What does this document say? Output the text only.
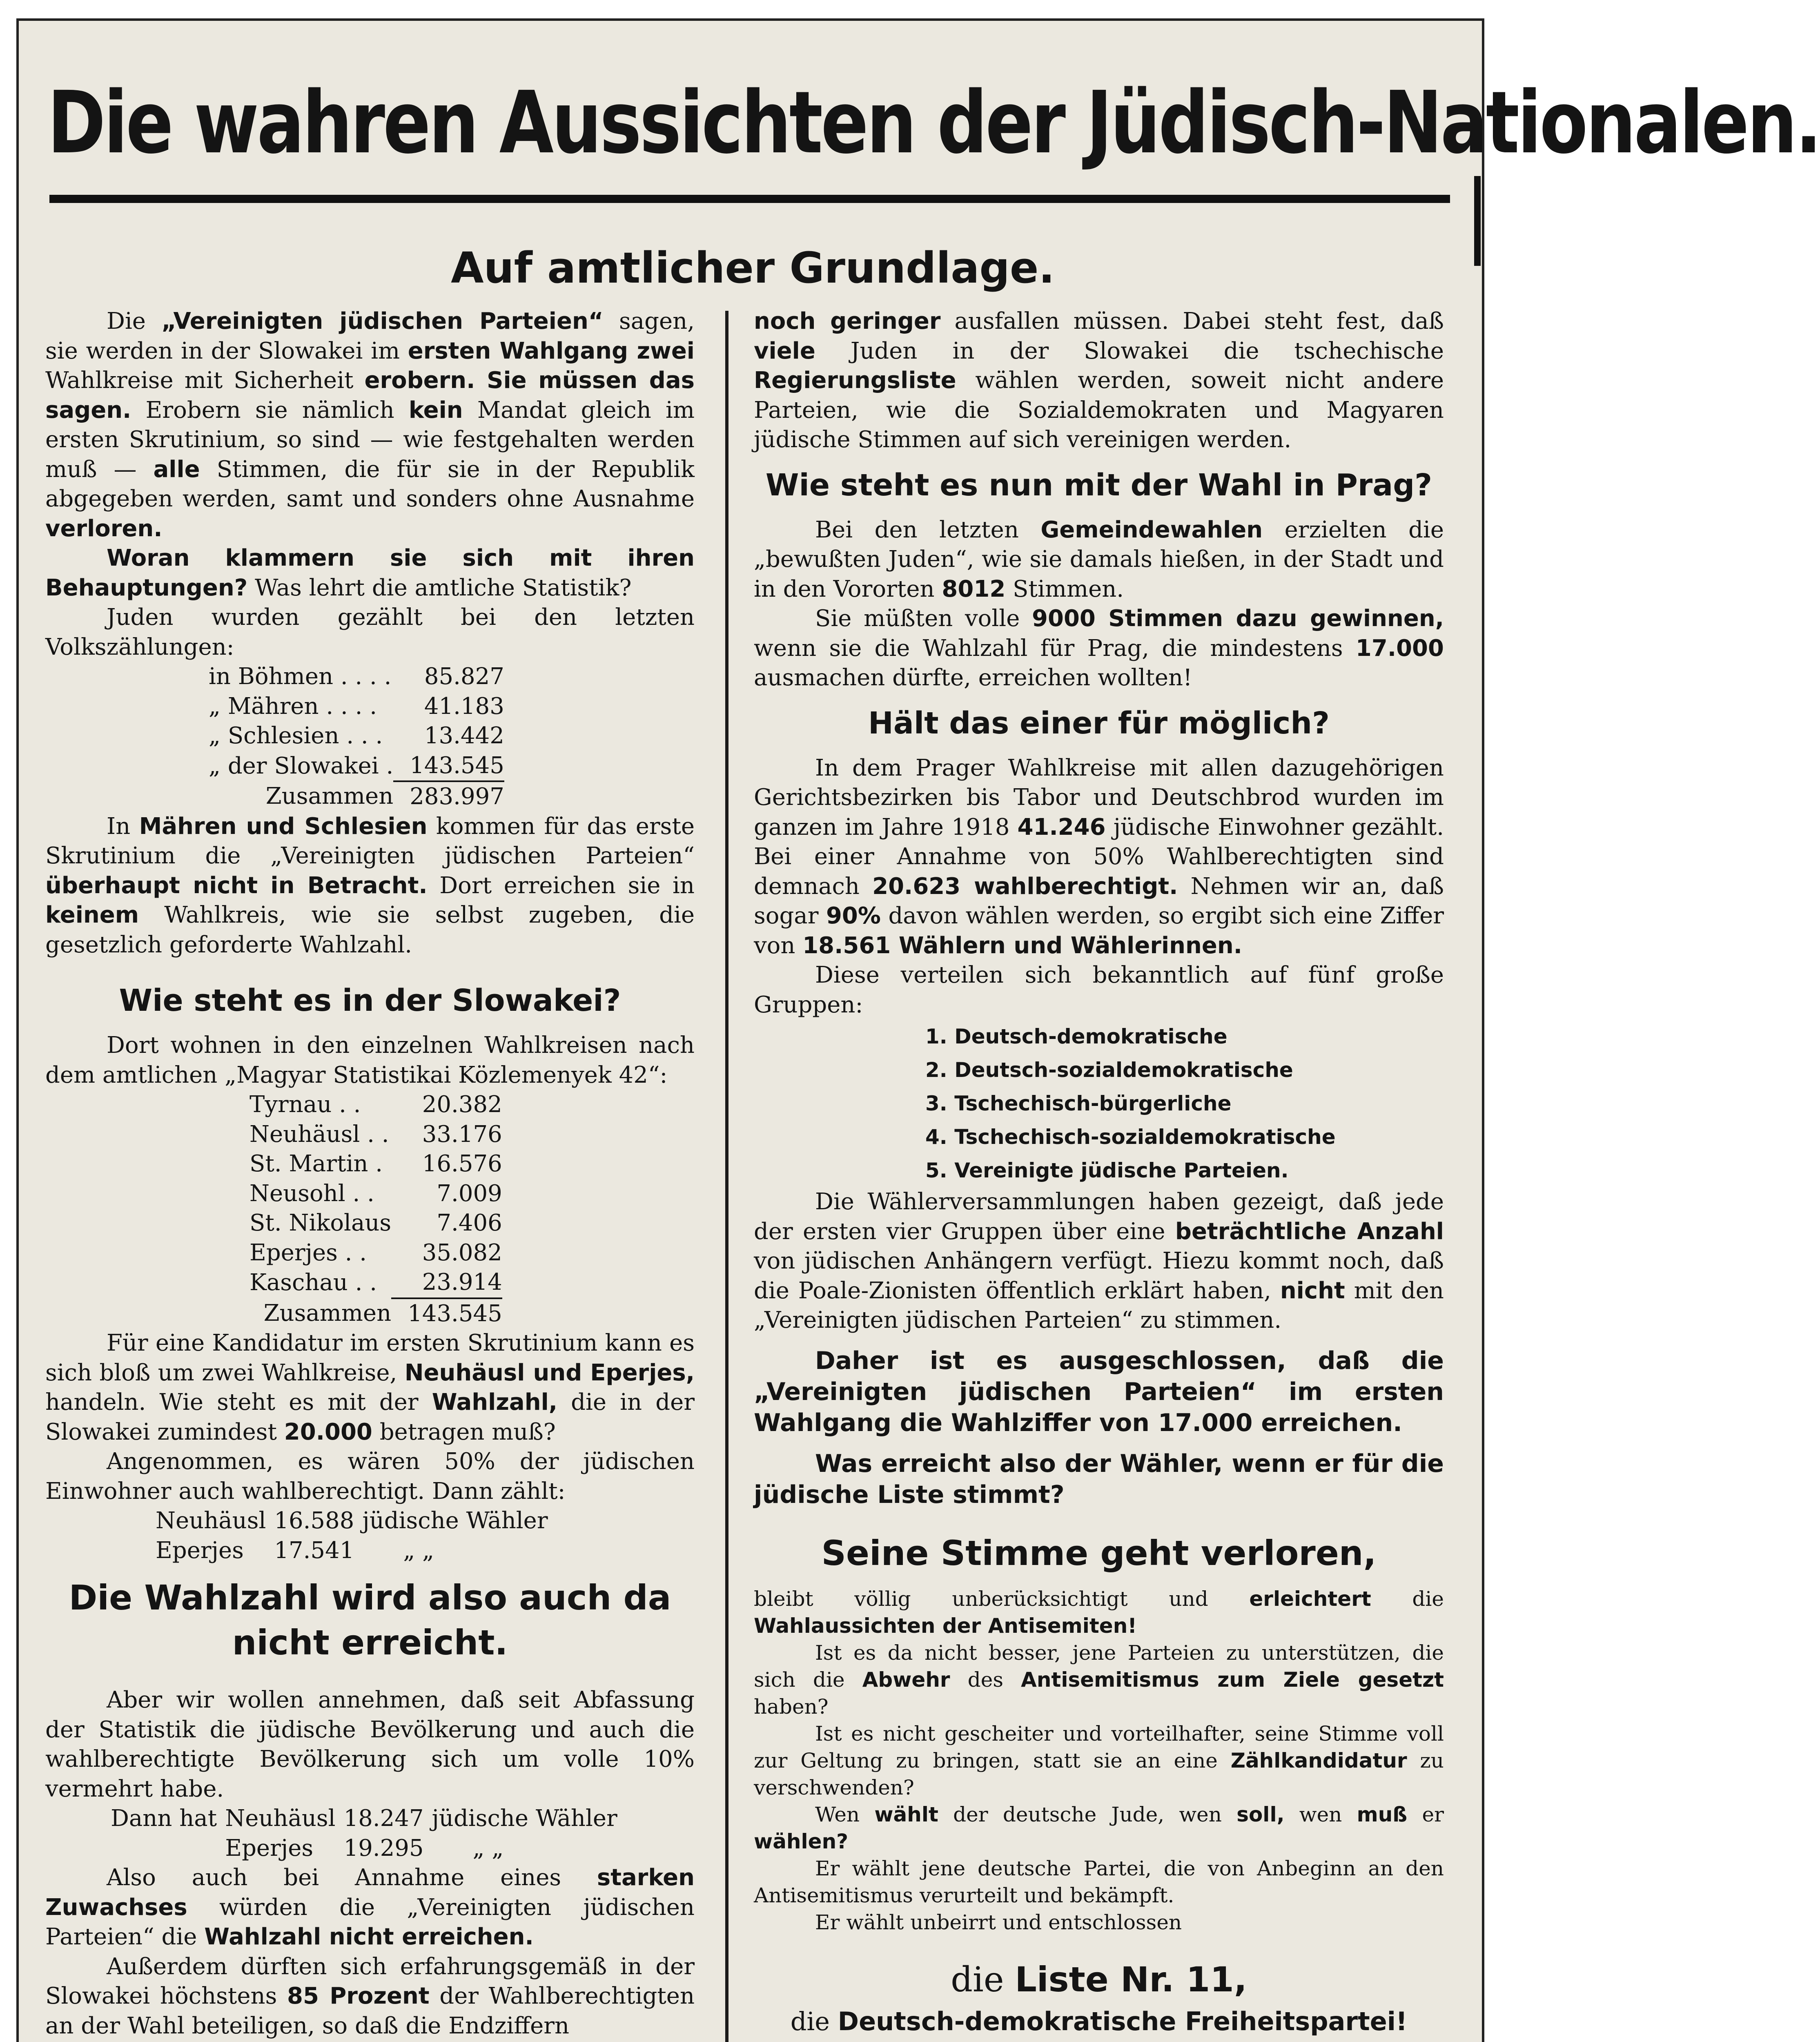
Die wahren Aussichten der Jüdisch-Nationalen.
Auf amtlicher Grundlage.

Die „Vereinigten jüdischen Parteien“ sagen, sie werden in der Slowakei im ersten Wahlgang zwei Wahlkreise mit Sicherheit erobern. Sie müssen das sagen. Erobern sie nämlich kein Mandat gleich im ersten Skrutinium, so sind — wie festgehalten werden muß — alle Stimmen, die für sie in der Republik abgegeben werden, samt und sonders ohne Ausnahme verloren.

Woran klammern sie sich mit ihren Behauptungen? Was lehrt die amtliche Statistik?

Juden wurden gezählt bei den letzten Volkszählungen:

in Böhmen . . . .	85.827
„ Mähren . . . .	41.183
„ Schlesien . . .	13.442
„ der Slowakei .	143.545
Zusammen	283.997

In Mähren und Schlesien kommen für das erste Skrutinium die „Vereinigten jüdischen Parteien“ überhaupt nicht in Betracht. Dort erreichen sie in keinem Wahlkreis, wie sie selbst zugeben, die gesetzlich geforderte Wahlzahl.

Wie steht es in der Slowakei?

Dort wohnen in den einzelnen Wahlkreisen nach dem amtlichen „Magyar Statistikai Közlemenyek 42“:

Tyrnau . .	20.382
Neuhäusl . .	33.176
St. Martin .	16.576
Neusohl . .	7.009
St. Nikolaus	7.406
Eperjes . .	35.082
Kaschau . .	23.914
Zusammen	143.545

Für eine Kandidatur im ersten Skrutinium kann es sich bloß um zwei Wahlkreise, Neuhäusl und Eperjes, handeln. Wie steht es mit der Wahlzahl, die in der Slowakei zumindest 20.000 betragen muß?

Angenommen, es wären 50% der jüdischen Einwohner auch wahlberechtigt. Dann zählt:

Neuhäusl	16.588	jüdische Wähler
Eperjes	17.541	„ „

Die Wahlzahl wird also auch da nicht erreicht.

Aber wir wollen annehmen, daß seit Abfassung der Statistik die jüdische Bevölkerung und auch die wahlberechtigte Bevölkerung sich um volle 10% vermehrt habe.

Dann hat	Neuhäusl	18.247	jüdische Wähler
	Eperjes	19.295	„ „

Also auch bei Annahme eines starken Zuwachses würden die „Vereinigten jüdischen Parteien“ die Wahlzahl nicht erreichen.

Außerdem dürften sich erfahrungsgemäß in der Slowakei höchstens 85 Prozent der Wahlberechtigten an der Wahl beteiligen, so daß die Endziffern

noch geringer ausfallen müssen. Dabei steht fest, daß viele Juden in der Slowakei die tschechische Regierungsliste wählen werden, soweit nicht andere Parteien, wie die Sozialdemokraten und Magyaren jüdische Stimmen auf sich vereinigen werden.

Wie steht es nun mit der Wahl in Prag?

Bei den letzten Gemeindewahlen erzielten die „bewußten Juden“, wie sie damals hießen, in der Stadt und in den Vororten 8012 Stimmen.

Sie müßten volle 9000 Stimmen dazu gewinnen, wenn sie die Wahlzahl für Prag, die mindestens 17.000 ausmachen dürfte, erreichen wollten!

Hält das einer für möglich?

In dem Prager Wahlkreise mit allen dazugehörigen Gerichtsbezirken bis Tabor und Deutschbrod wurden im ganzen im Jahre 1918 41.246 jüdische Einwohner gezählt. Bei einer Annahme von 50% Wahlberechtigten sind demnach 20.623 wahlberechtigt. Nehmen wir an, daß sogar 90% davon wählen werden, so ergibt sich eine Ziffer von 18.561 Wählern und Wählerinnen.

Diese verteilen sich bekanntlich auf fünf große Gruppen:

1. Deutsch-demokratische
2. Deutsch-sozialdemokratische
3. Tschechisch-bürgerliche
4. Tschechisch-sozialdemokratische
5. Vereinigte jüdische Parteien.

Die Wählerversammlungen haben gezeigt, daß jede der ersten vier Gruppen über eine beträchtliche Anzahl von jüdischen Anhängern verfügt. Hiezu kommt noch, daß die Poale-Zionisten öffentlich erklärt haben, nicht mit den „Vereinigten jüdischen Parteien“ zu stimmen.

Daher ist es ausgeschlossen, daß die „Vereinigten jüdischen Parteien“ im ersten Wahlgang die Wahlziffer von 17.000 erreichen.

Was erreicht also der Wähler, wenn er für die jüdische Liste stimmt?

Seine Stimme geht verloren,

bleibt völlig unberücksichtigt und erleichtert die Wahlaussichten der Antisemiten!

Ist es da nicht besser, jene Parteien zu unterstützen, die sich die Abwehr des Antisemitismus zum Ziele gesetzt haben?

Ist es nicht gescheiter und vorteilhafter, seine Stimme voll zur Geltung zu bringen, statt sie an eine Zählkandidatur zu verschwenden?

Wen wählt der deutsche Jude, wen soll, wen muß er wählen?

Er wählt jene deutsche Partei, die von Anbeginn an den Antisemitismus verurteilt und bekämpft.

Er wählt unbeirrt und entschlossen

die Liste Nr. 11,

die Deutsch-demokratische Freiheitspartei!
